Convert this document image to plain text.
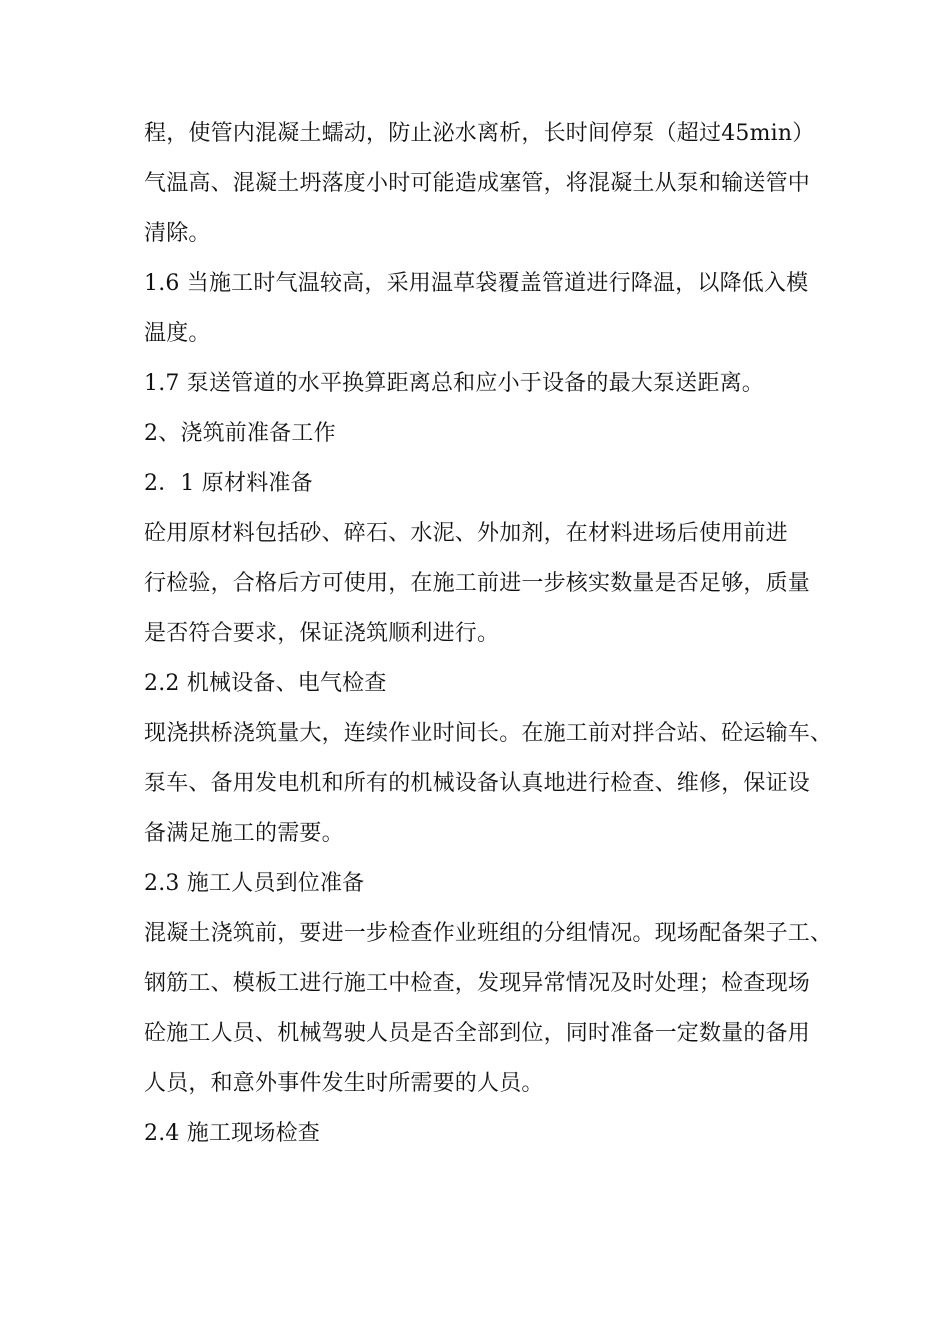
程，使管内混凝土蠕动，防止泌水离析，长时间停泵（超过45min）
气温高、混凝土坍落度小时可能造成塞管，将混凝土从泵和输送管中
清除。
1.6 当施工时气温较高，采用温草袋覆盖管道进行降温，以降低入模
温度。
1.7 泵送管道的水平换算距离总和应小于设备的最大泵送距离。
2、浇筑前准备工作
2．1 原材料准备
砼用原材料包括砂、碎石、水泥、外加剂，在材料进场后使用前进
行检验，合格后方可使用，在施工前进一步核实数量是否足够，质量
是否符合要求，保证浇筑顺利进行。
2.2 机械设备、电气检查
现浇拱桥浇筑量大，连续作业时间长。在施工前对拌合站、砼运输车、
泵车、备用发电机和所有的机械设备认真地进行检查、维修，保证设
备满足施工的需要。
2.3 施工人员到位准备
混凝土浇筑前，要进一步检查作业班组的分组情况。现场配备架子工、
钢筋工、模板工进行施工中检查，发现异常情况及时处理；检查现场
砼施工人员、机械驾驶人员是否全部到位，同时准备一定数量的备用
人员，和意外事件发生时所需要的人员。
2.4 施工现场检查
